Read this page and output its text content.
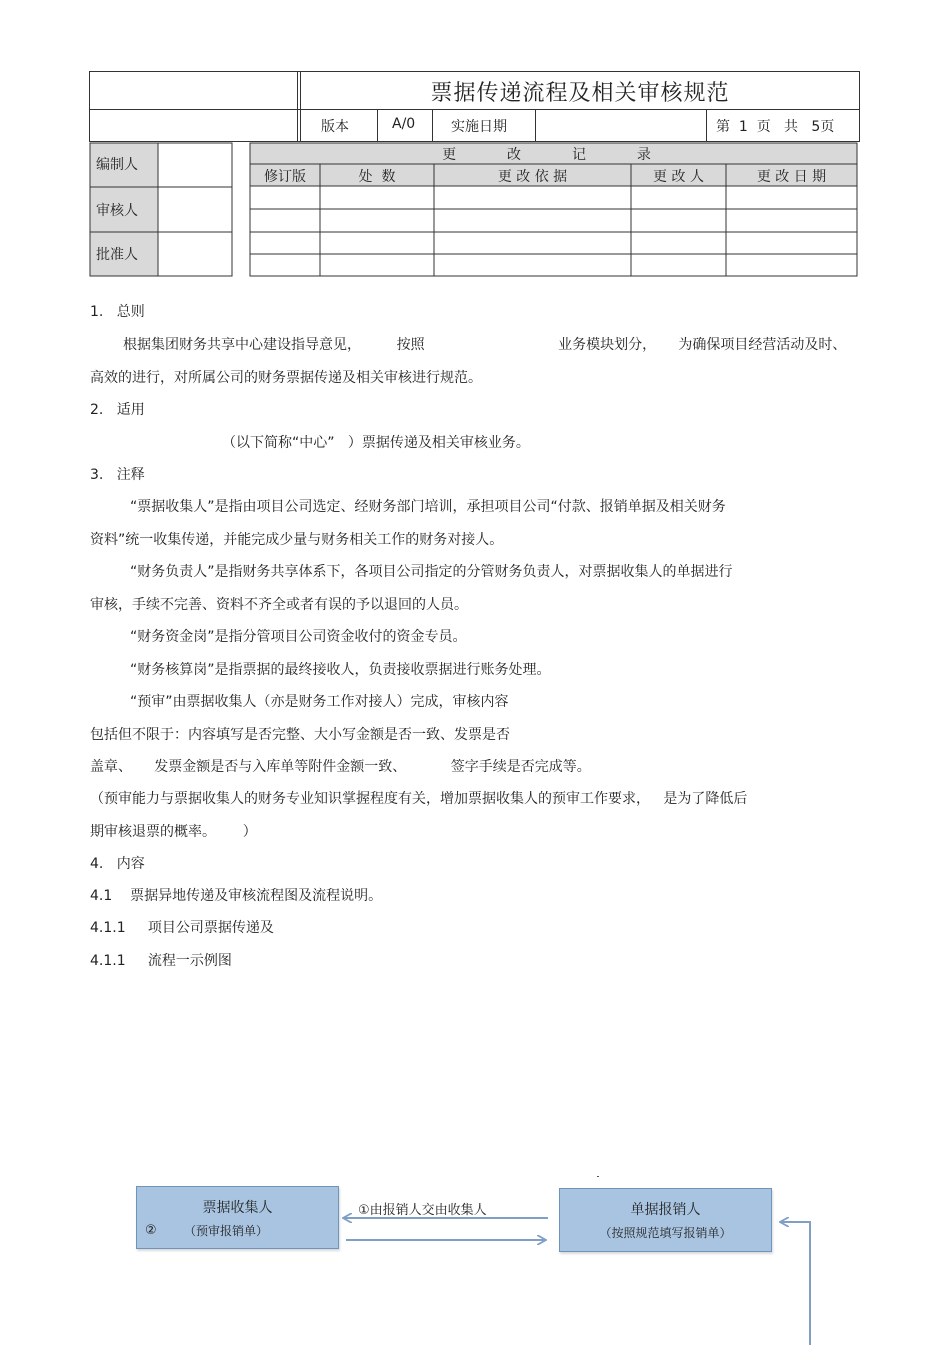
票据传递流程及相关审核规范
版本	A/0	实施日期	第  1  页   共   5页
编制人
审核人
批准人
更  改  记  录
修订版	处  数	更 改 依 据	更 改 人	更 改 日 期
1.   总则
根据集团财务共享中心建设指导意见，        按照                              业务模块划分，     为确保项目经营活动及时、
高效的进行，对所属公司的财务票据传递及相关审核进行规范。
2.   适用
（以下简称“中心”   ）票据传递及相关审核业务。
3.   注释
“票据收集人”是指由项目公司选定、经财务部门培训，承担项目公司“付款、报销单据及相关财务
资料”统一收集传递，并能完成少量与财务相关工作的财务对接人。
“财务负责人”是指财务共享体系下，各项目公司指定的分管财务负责人，对票据收集人的单据进行
审核，手续不完善、资料不齐全或者有误的予以退回的人员。
“财务资金岗”是指分管项目公司资金收付的资金专员。
“财务核算岗”是指票据的最终接收人，负责接收票据进行账务处理。
“预审”由票据收集人（亦是财务工作对接人）完成，审核内容
包括但不限于：内容填写是否完整、大小写金额是否一致、发票是否
盖章、     发票金额是否与入库单等附件金额一致、          签字手续是否完成等。
（预审能力与票据收集人的财务专业知识掌握程度有关，增加票据收集人的预审工作要求，   是为了降低后
期审核退票的概率。      ）
4.   内容
4.1    票据异地传递及审核流程图及流程说明。
4.1.1     项目公司票据传递及
4.1.1     流程一示例图
票据收集人
② （预审报销单）
单据报销人
（按照规范填写报销单）
①由报销人交由收集人
